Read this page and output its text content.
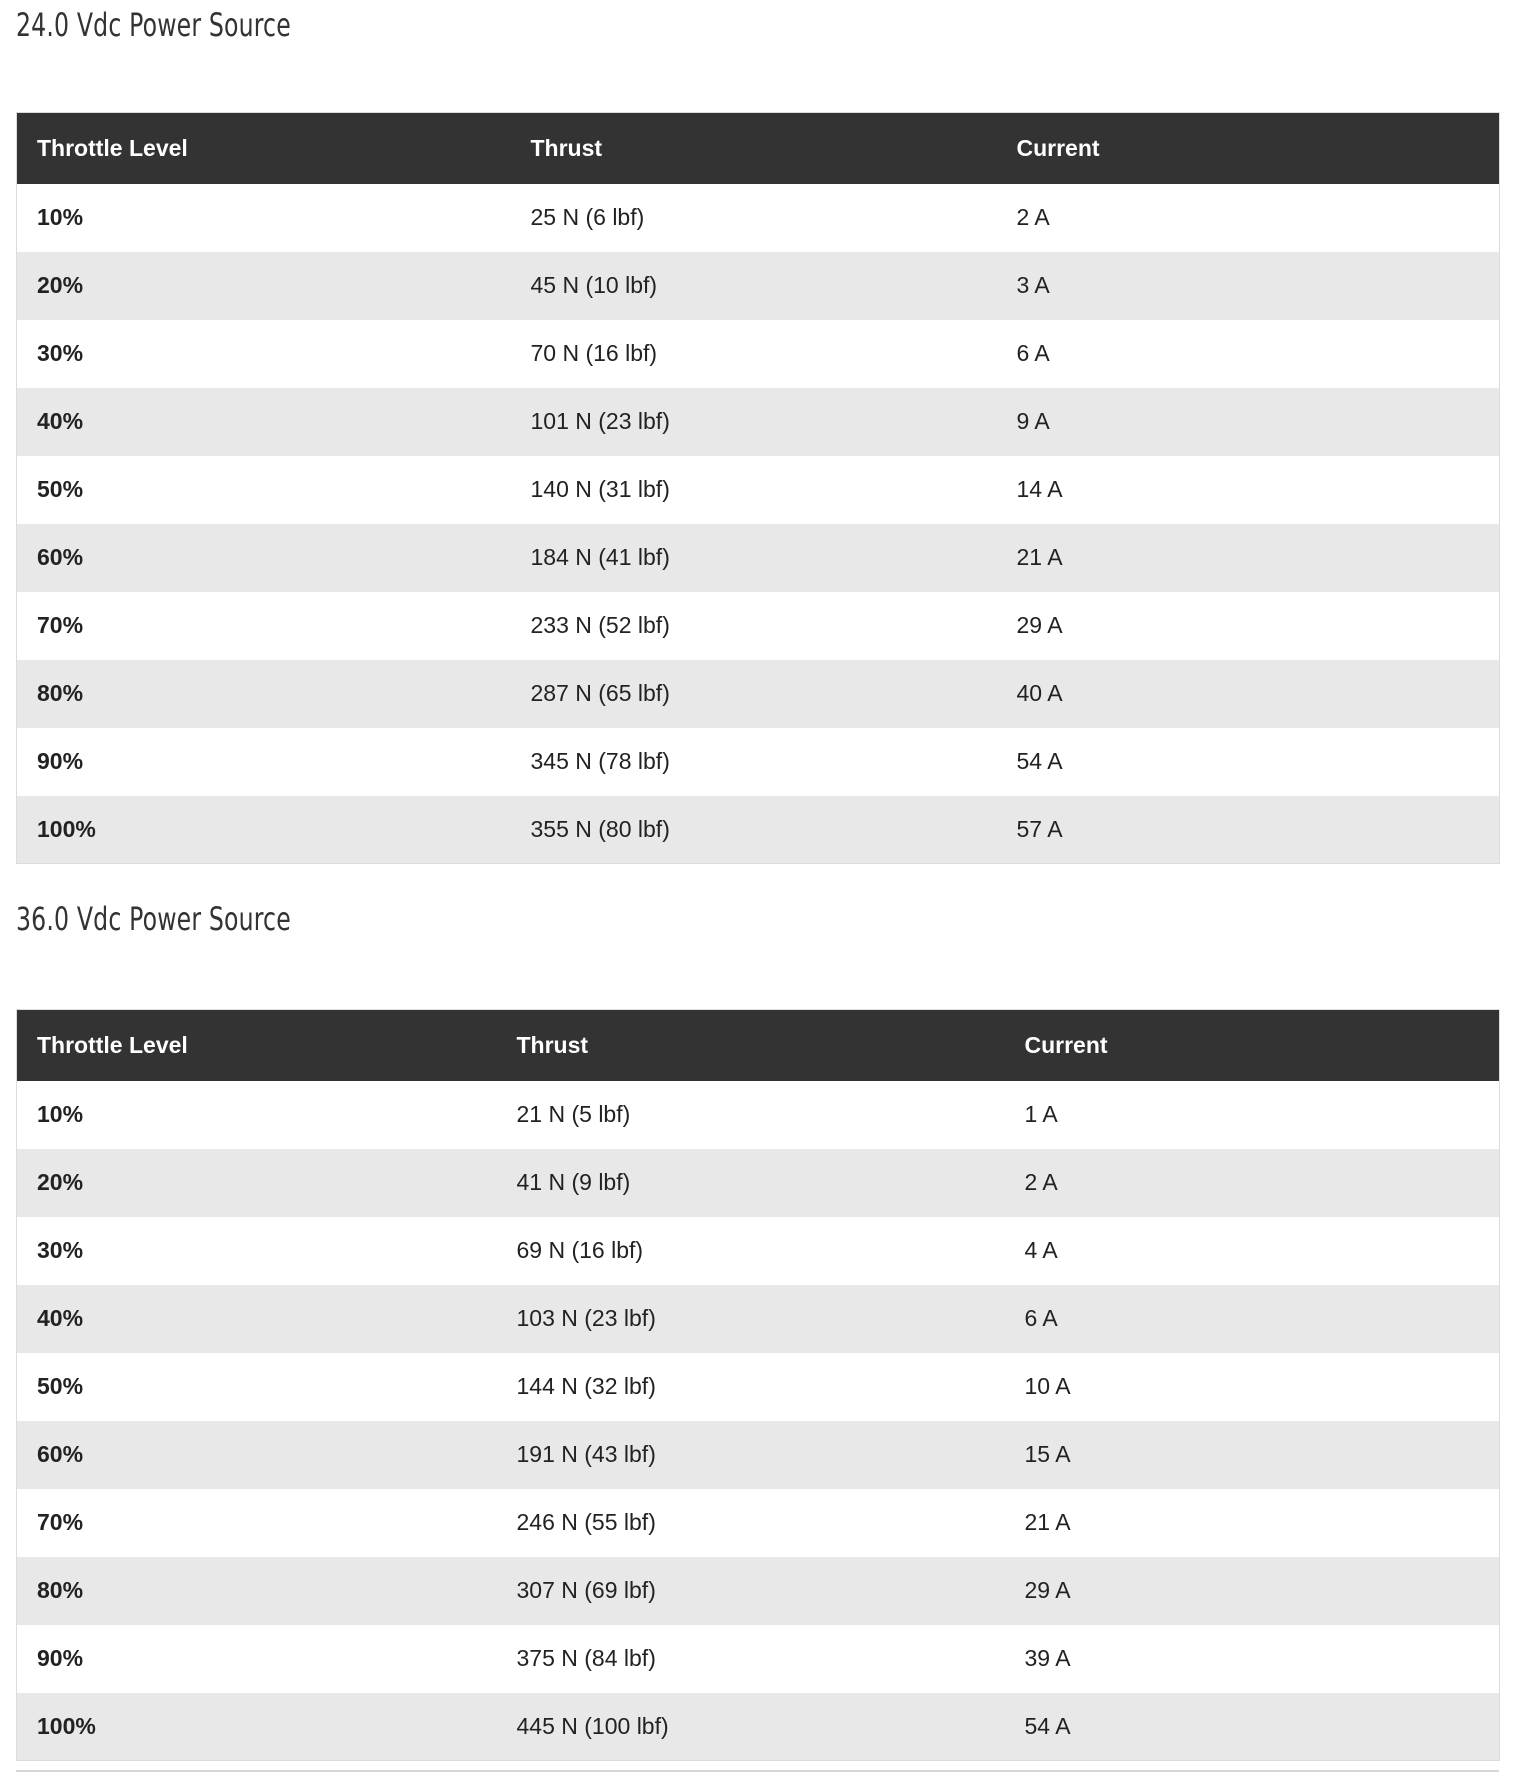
24.0 Vdc Power Source
Throttle Level	Thrust	Current
10%	25 N (6 lbf)	2 A
20%	45 N (10 lbf)	3 A
30%	70 N (16 lbf)	6 A
40%	101 N (23 lbf)	9 A
50%	140 N (31 lbf)	14 A
60%	184 N (41 lbf)	21 A
70%	233 N (52 lbf)	29 A
80%	287 N (65 lbf)	40 A
90%	345 N (78 lbf)	54 A
100%	355 N (80 lbf)	57 A
36.0 Vdc Power Source
Throttle Level	Thrust	Current
10%	21 N (5 lbf)	1 A
20%	41 N (9 lbf)	2 A
30%	69 N (16 lbf)	4 A
40%	103 N (23 lbf)	6 A
50%	144 N (32 lbf)	10 A
60%	191 N (43 lbf)	15 A
70%	246 N (55 lbf)	21 A
80%	307 N (69 lbf)	29 A
90%	375 N (84 lbf)	39 A
100%	445 N (100 lbf)	54 A
